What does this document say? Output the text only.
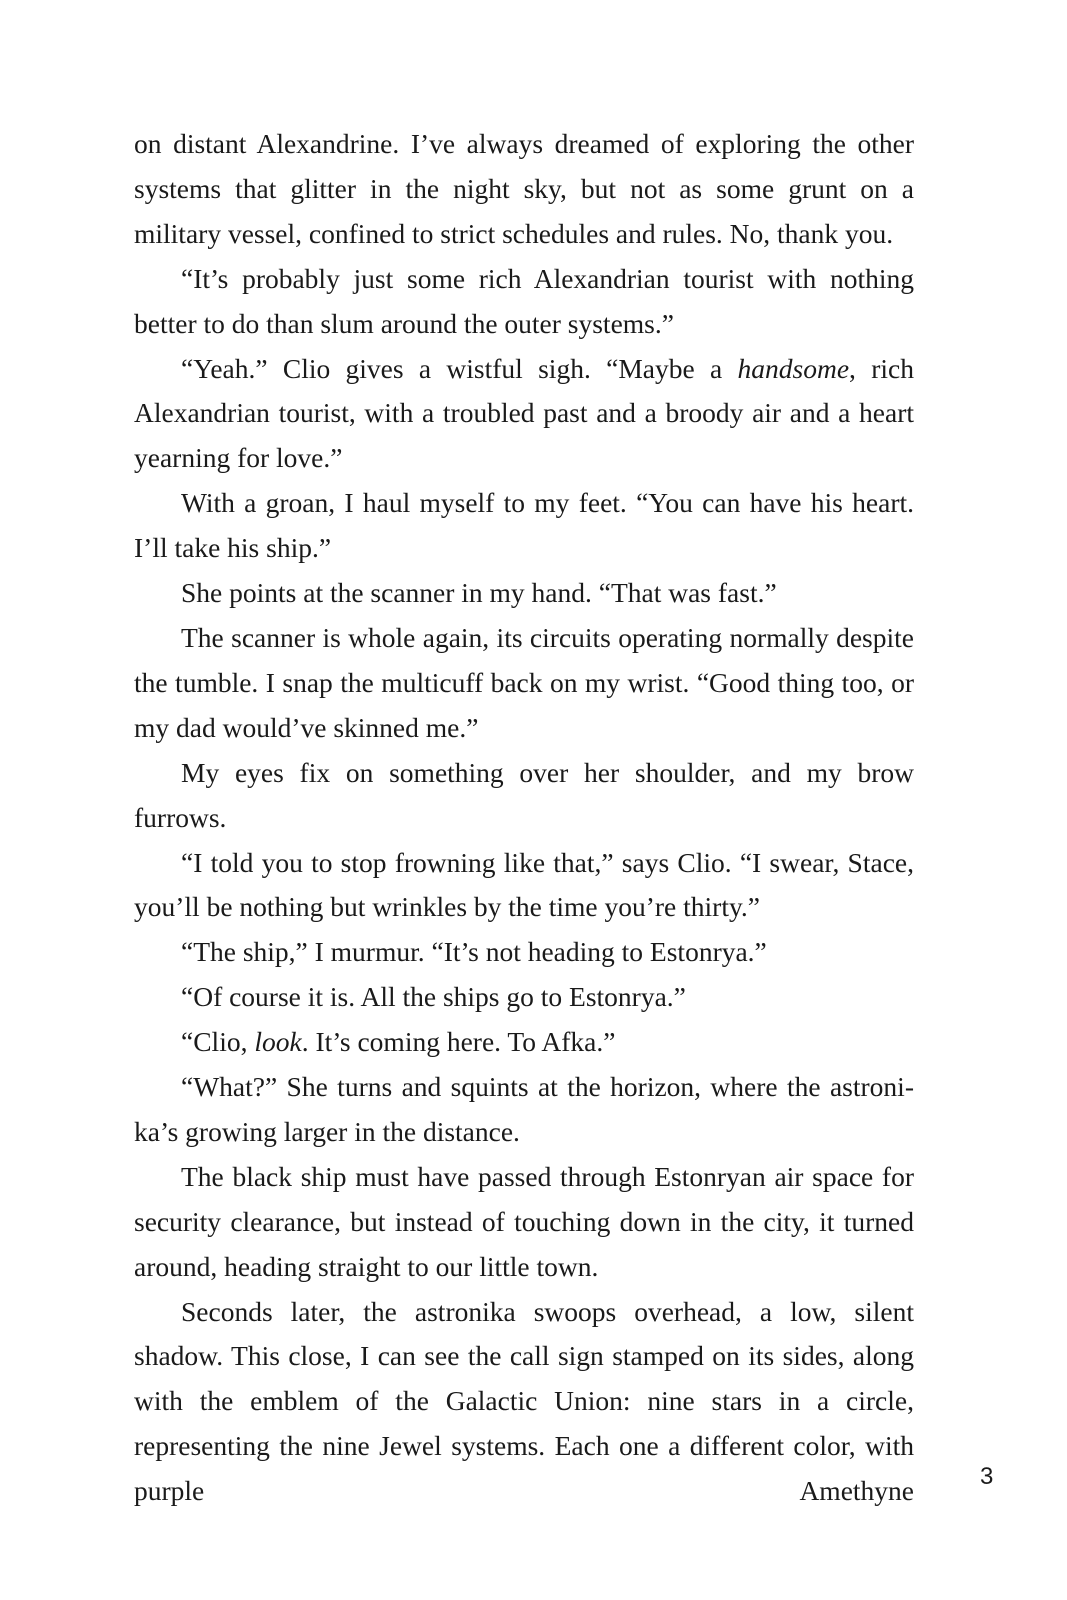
on distant Alexandrine. I’ve always dreamed of exploring the other systems that glitter in the night sky, but not as some grunt on a military vessel, confined to strict schedules and rules. No, thank you.

“It’s probably just some rich Alexandrian tourist with nothing better to do than slum around the outer systems.”

“Yeah.” Clio gives a wistful sigh. “Maybe a handsome, rich Alexandrian tourist, with a troubled past and a broody air and a heart yearning for love.”

With a groan, I haul myself to my feet. “You can have his heart. I’ll take his ship.”

She points at the scanner in my hand. “That was fast.”

The scanner is whole again, its circuits operating normally despite the tumble. I snap the multicuff back on my wrist. “Good thing too, or my dad would’ve skinned me.”

My eyes fix on something over her shoulder, and my brow furrows.

“I told you to stop frowning like that,” says Clio. “I swear, Stace, you’ll be nothing but wrinkles by the time you’re thirty.”

“The ship,” I murmur. “It’s not heading to Estonrya.”

“Of course it is. All the ships go to Estonrya.”

“Clio, look. It’s coming here. To Afka.”

“What?” She turns and squints at the horizon, where the astronika’s growing larger in the distance.

The black ship must have passed through Estonryan air space for security clearance, but instead of touching down in the city, it turned around, heading straight to our little town.

Seconds later, the astronika swoops overhead, a low, silent shadow. This close, I can see the call sign stamped on its sides, along with the emblem of the Galactic Union: nine stars in a circle, representing the nine Jewel systems. Each one a different color, with purple Amethyne	3
